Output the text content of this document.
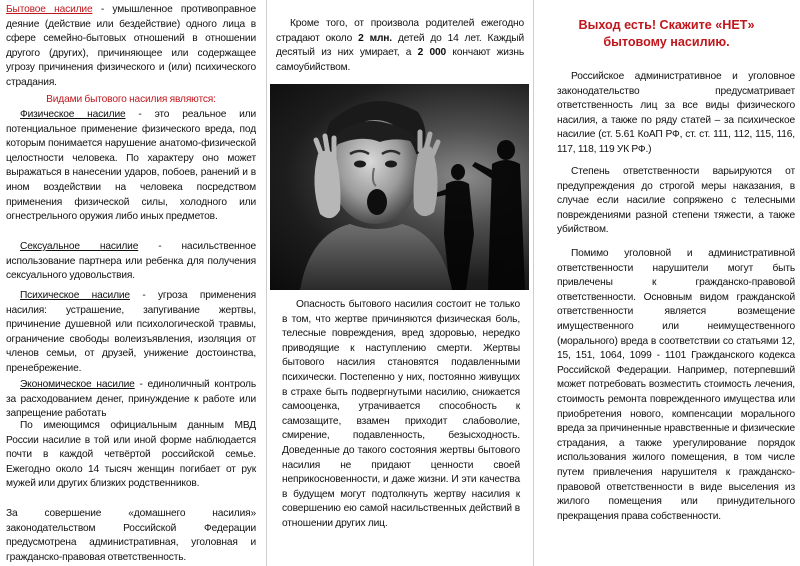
Бытовое насилие - умышленное противоправное деяние (действие или бездействие) одного лица в сфере семейно-бытовых отношений в отношении другого (других), причиняющее или содержащее угрозу причинения физического и (или) психического страдания.

Видами бытового насилия являются:

Физическое насилие - это реальное или потенциальное применение физического вреда, под которым понимается нарушение анатомо-физической целостности человека. По характеру оно может выражаться в нанесении ударов, побоев, ранений и в ином воздействии на человека посредством применения физической силы, холодного или огнестрельного оружия либо иных предметов.

Сексуальное насилие - насильственное использование партнера или ребенка для получения сексуального удовольствия.

Психическое насилие - угроза применения насилия: устрашение, запугивание жертвы, причинение душевной или психологической травмы, ограничение свободы волеизъявления, изоляция от членов семьи, от друзей, унижение достоинства, пренебрежение.

Экономическое насилие - единоличный контроль за расходованием денег, принуждение к работе или запрещение работать

По имеющимся официальным данным МВД России насилие в той или иной форме наблюдается почти в каждой четвёртой российской семье. Ежегодно около 14 тысяч женщин погибает от рук мужей или других близких родственников.

За совершение «домашнего насилия» законодательством Российской Федерации предусмотрена административная, уголовная и гражданско-правовая ответственность.

Кроме того, от произвола родителей ежегодно страдают около 2 млн. детей до 14 лет. Каждый десятый из них умирает, а 2 000 кончают жизнь самоубийством.

Опасность бытового насилия состоит не только в том, что жертве причиняются физическая боль, телесные повреждения, вред здоровью, нередко приводящие к наступлению смерти. Жертвы бытового насилия становятся подавленными психически. Постепенно у них, постоянно живущих в страхе быть подвергнутыми насилию, снижается самооценка, утрачивается способность к самозащите, взамен приходит слабоволие, смирение, подавленность, безысходность. Доведенные до такого состояния жертвы бытового насилия не придают ценности своей неприкосновенности, и даже жизни. И эти качества в будущем могут подтолкнуть жертву насилия к совершению ею самой насильственных действий в отношении других лиц.

Выход есть! Скажите «НЕТ»
бытовому насилию.

Российское административное и уголовное законодательство предусматривает ответственность лиц за все виды физического насилия, а также по ряду статей – за психическое насилие (ст. 5.61 КоАП РФ, ст. ст. 111, 112, 115, 116, 117, 118, 119 УК РФ.)

Степень ответственности варьируются от предупреждения до строгой меры наказания, в случае если насилие сопряжено с телесными повреждениями разной степени тяжести, а также убийством.

Помимо уголовной и административной ответственности нарушители могут быть привлечены к гражданско-правовой ответственности. Основным видом гражданской ответственности является возмещение имущественного или неимущественного (морального) вреда в соответствии со статьями 12, 15, 151, 1064, 1099 - 1101 Гражданского кодекса Российской Федерации. Например, потерпевший может потребовать возместить стоимость лечения, стоимость ремонта поврежденного имущества или приобретения нового, компенсации морального вреда за причиненные нравственные и физические страдания, а также урегулирование порядок использования жилого помещения, в том числе путем привлечения нарушителя к гражданско-правовой ответственности в виде выселения из жилого помещения или принудительного прекращения права собственности.
